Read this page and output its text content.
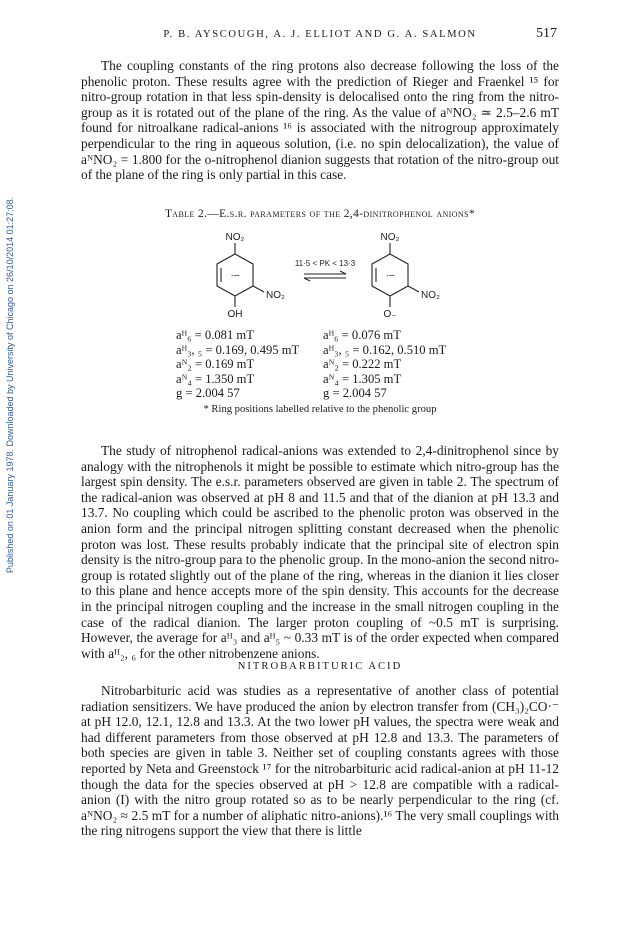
Published on 01 January 1978. Downloaded by University of Chicago on 26/10/2014 01:27:08.
P. B. AYSCOUGH, A. J. ELLIOT AND G. A. SALMON	517

The coupling constants of the ring protons also decrease following the loss of the phenolic proton. These results agree with the prediction of Rieger and Fraenkel ¹⁵ for nitro-group rotation in that less spin-density is delocalised onto the ring from the nitro-group as it is rotated out of the plane of the ring. As the value of aᴺNO₂ ≃ 2.5–2.6 mT found for nitroalkane radical-anions ¹⁶ is associated with the nitrogroup approximately perpendicular to the ring in aqueous solution, (i.e. no spin delocalization), the value of aᴺNO₂ = 1.800 for the o-nitrophenol dianion suggests that rotation of the nitro-group out of the plane of the ring is only partial in this case.

Table 2.—E.s.r. parameters of the 2,4-dinitrophenol anions*
NO₂
NO₂
OH
·–
11·5 < PK < 13·3
NO₂
NO₂
O₋
·–
aᴴ₆ = 0.081 mT
aᴴ₃, ₅ = 0.169, 0.495 mT
aᴺ₂ = 0.169 mT
aᴺ₄ = 1.350 mT
g = 2.004 57
aᴴ₆ = 0.076 mT
aᴴ₃, ₅ = 0.162, 0.510 mT
aᴺ₂ = 0.222 mT
aᴺ₄ = 1.305 mT
g = 2.004 57
* Ring positions labelled relative to the phenolic group

The study of nitrophenol radical-anions was extended to 2,4-dinitrophenol since by analogy with the nitrophenols it might be possible to estimate which nitro-group has the largest spin density. The e.s.r. parameters observed are given in table 2. The spectrum of the radical-anion was observed at pH 8 and 11.5 and that of the dianion at pH 13.3 and 13.7. No coupling which could be ascribed to the phenolic proton was observed in the anion form and the principal nitrogen splitting constant decreased when the phenolic proton was lost. These results probably indicate that the principal site of electron spin density is the nitro-group para to the phenolic group. In the mono-anion the second nitro-group is rotated slightly out of the plane of the ring, whereas in the dianion it lies closer to this plane and hence accepts more of the spin density. This accounts for the decrease in the principal nitrogen coupling and the increase in the small nitrogen coupling in the case of the radical dianion. The larger proton coupling of ~0.5 mT is surprising. However, the average for aᴴ₃ and aᴴ₅ ~ 0.33 mT is of the order expected when compared with aᴴ₂, ₆ for the other nitrobenzene anions.

NITROBARBITURIC ACID

Nitrobarbituric acid was studies as a representative of another class of potential radiation sensitizers. We have produced the anion by electron transfer from (CH₃)₂CO·⁻ at pH 12.0, 12.1, 12.8 and 13.3. At the two lower pH values, the spectra were weak and had different parameters from those observed at pH 12.8 and 13.3. The parameters of both species are given in table 3. Neither set of coupling constants agrees with those reported by Neta and Greenstock ¹⁷ for the nitrobarbituric acid radical-anion at pH 11-12 though the data for the species observed at pH > 12.8 are compatible with a radical-anion (I) with the nitro group rotated so as to be nearly perpendicular to the ring (cf. aᴺNO₂ ≈ 2.5 mT for a number of aliphatic nitro-anions).¹⁶ The very small couplings with the ring nitrogens support the view that there is little
